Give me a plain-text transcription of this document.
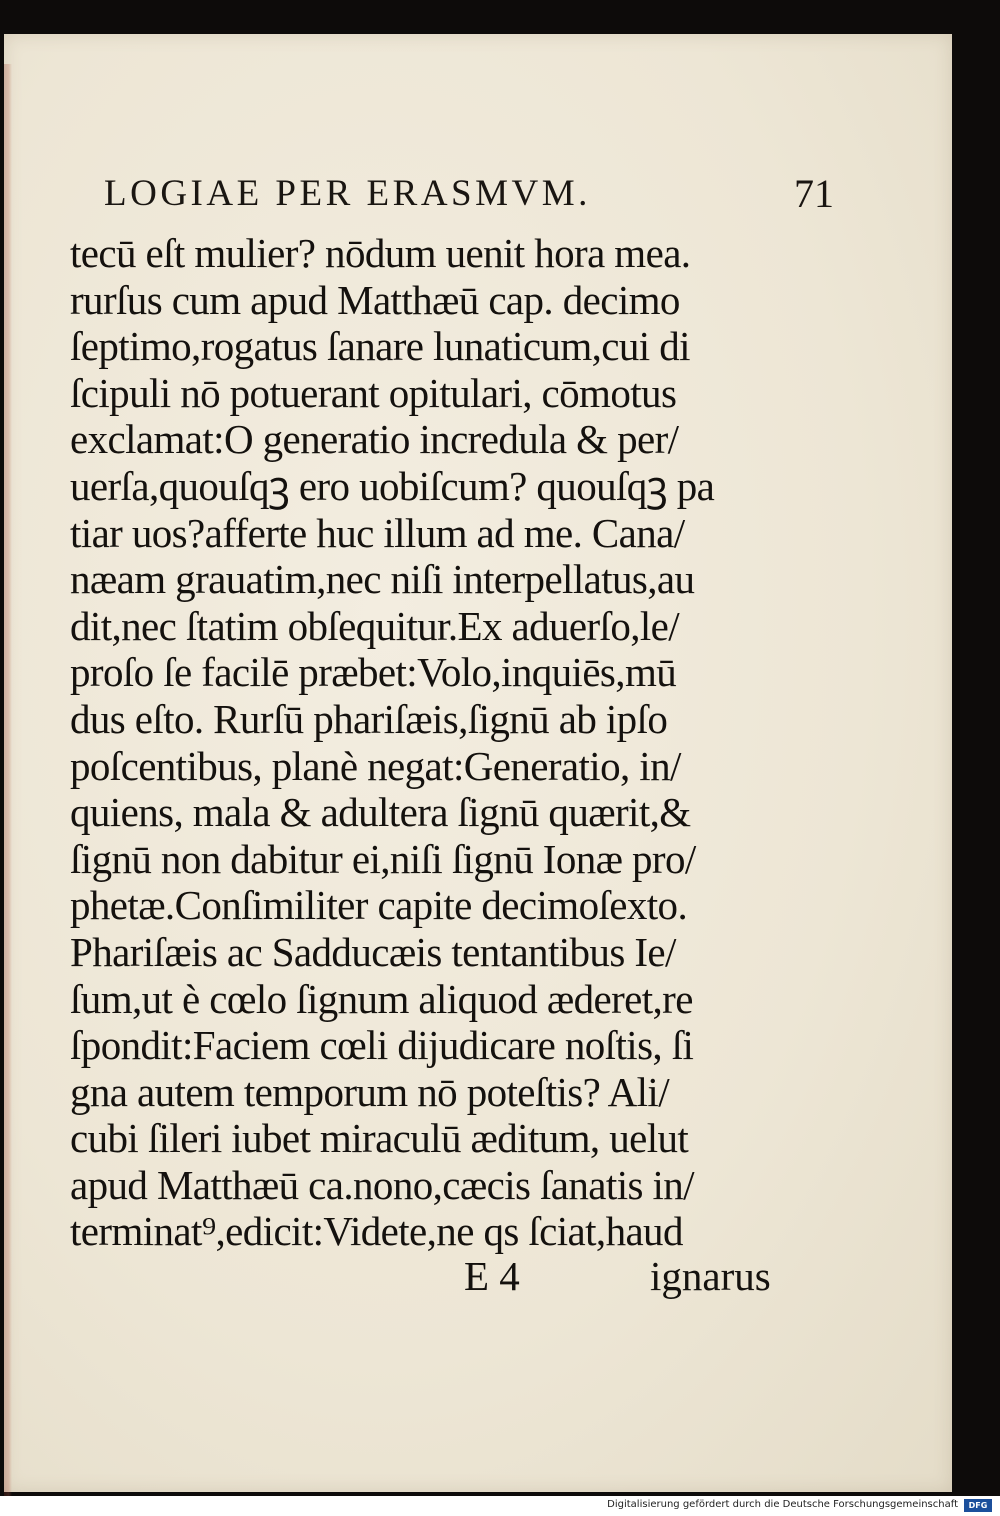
LOGIAE PER ERASMVM.	71
tecū eſt mulier? nōdum uenit hora mea.
rurſus cum apud Matthæū cap. decimo
ſeptimo,rogatus ſanare lunaticum,cui di
ſcipuli nō potuerant opitulari, cōmotus
exclamat:O generatio incredula & per/
uerſa,quouſqꝫ ero uobiſcum? quouſqꝫ pa
tiar uos?afferte huc illum ad me. Cana/
næam grauatim,nec niſi interpellatus,au
dit,nec ſtatim obſequitur.Ex aduerſo,le/
proſo ſe facilē præbet:Volo,inquiēs,mū
dus eſto. Rurſū phariſæis,ſignū ab ipſo
poſcentibus, planè negat:Generatio, in/
quiens, mala & adultera ſignū quærit,&
ſignū non dabitur ei,niſi ſignū Ionæ pro/
phetæ.Conſimiliter capite decimoſexto.
Phariſæis ac Sadducæis tentantibus Ie/
ſum,ut è cœlo ſignum aliquod æderet,re
ſpondit:Faciem cœli dijudicare noſtis, ſi
gna autem temporum nō poteſtis? Ali/
cubi ſileri iubet miraculū æditum, uelut
apud Matthæū ca.nono,cæcis ſanatis in/
terminat⁹,edicit:Videte,ne qs ſciat,haud
E 4	ignarus
Digitalisierung gefördert durch die Deutsche Forschungsgemeinschaft	DFG
